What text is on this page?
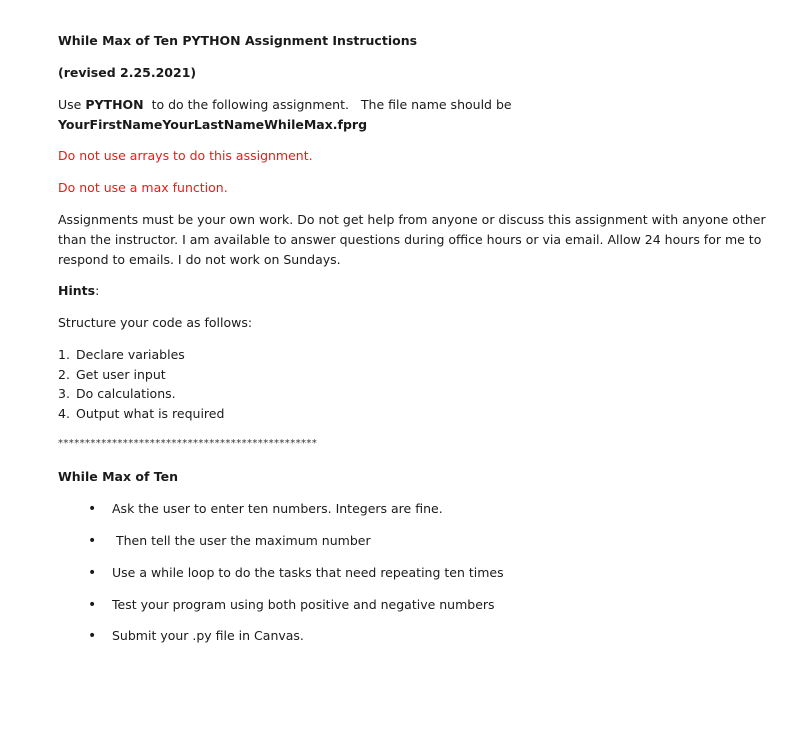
While Max of Ten PYTHON Assignment Instructions
(revised 2.25.2021)
Use PYTHON  to do the following assignment.   The file name should be
YourFirstNameYourLastNameWhileMax.fprg
Do not use arrays to do this assignment.
Do not use a max function.
Assignments must be your own work. Do not get help from anyone or discuss this assignment with anyone other
than the instructor. I am available to answer questions during office hours or via email. Allow 24 hours for me to
respond to emails. I do not work on Sundays.
Hints:
Structure your code as follows:
1. Declare variables
2. Get user input
3. Do calculations.
4. Output what is required
************************************************
While Max of Ten
• Ask the user to enter ten numbers. Integers are fine.
• Then tell the user the maximum number
• Use a while loop to do the tasks that need repeating ten times
• Test your program using both positive and negative numbers
• Submit your .py file in Canvas.
